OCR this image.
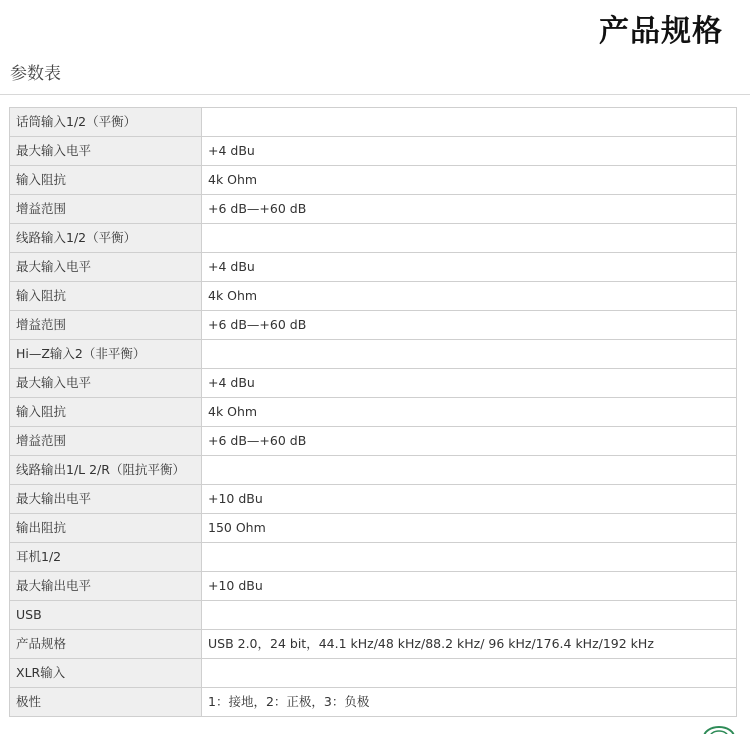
产品规格
参数表
话筒输入1/2（平衡）	
最大输入电平	+4 dBu
输入阻抗	4k Ohm
增益范围	+6 dB—+60 dB
线路输入1/2（平衡）	
最大输入电平	+4 dBu
输入阻抗	4k Ohm
增益范围	+6 dB—+60 dB
Hi—Z输入2（非平衡）	
最大输入电平	+4 dBu
输入阻抗	4k Ohm
增益范围	+6 dB—+60 dB
线路输出1/L 2/R（阻抗平衡）	
最大输出电平	+10 dBu
输出阻抗	150 Ohm
耳机1/2	
最大输出电平	+10 dBu
USB	
产品规格	USB 2.0，24 bit，44.1 kHz/48 kHz/88.2 kHz/ 96 kHz/176.4 kHz/192 kHz
XLR输入	
极性	1：接地，2：正极，3：负极
